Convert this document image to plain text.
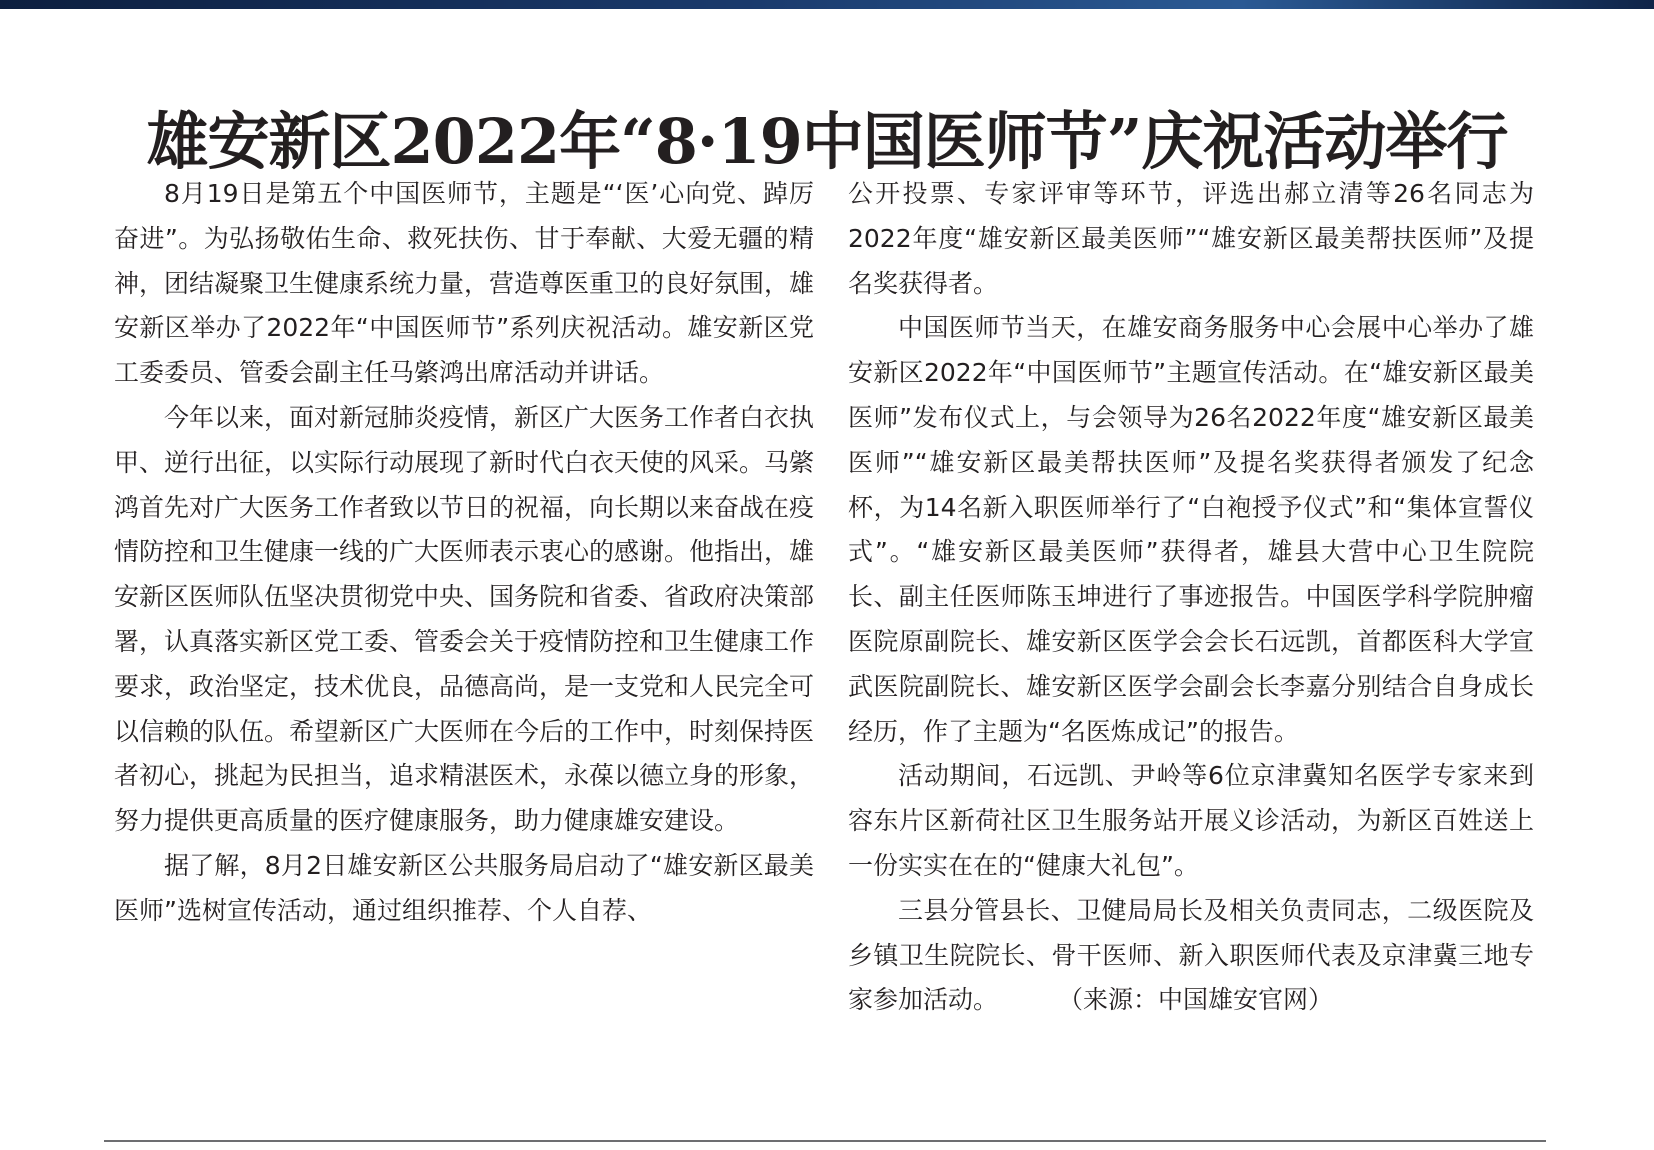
雄安新区2022年“8·19中国医师节”庆祝活动举行

8月19日是第五个中国医师节，主题是“‘医’心向党、踔厉奋进”。为弘扬敬佑生命、救死扶伤、甘于奉献、大爱无疆的精神，团结凝聚卫生健康系统力量，营造尊医重卫的良好氛围，雄安新区举办了2022年“中国医师节”系列庆祝活动。雄安新区党工委委员、管委会副主任马綮鸿出席活动并讲话。

今年以来，面对新冠肺炎疫情，新区广大医务工作者白衣执甲、逆行出征，以实际行动展现了新时代白衣天使的风采。马綮鸿首先对广大医务工作者致以节日的祝福，向长期以来奋战在疫情防控和卫生健康一线的广大医师表示衷心的感谢。他指出，雄安新区医师队伍坚决贯彻党中央、国务院和省委、省政府决策部署，认真落实新区党工委、管委会关于疫情防控和卫生健康工作要求，政治坚定，技术优良，品德高尚，是一支党和人民完全可以信赖的队伍。希望新区广大医师在今后的工作中，时刻保持医者初心，挑起为民担当，追求精湛医术，永葆以德立身的形象，努力提供更高质量的医疗健康服务，助力健康雄安建设。

据了解，8月2日雄安新区公共服务局启动了“雄安新区最美医师”选树宣传活动，通过组织推荐、个人自荐、

公开投票、专家评审等环节，评选出郝立清等26名同志为2022年度“雄安新区最美医师”“雄安新区最美帮扶医师”及提名奖获得者。

中国医师节当天，在雄安商务服务中心会展中心举办了雄安新区2022年“中国医师节”主题宣传活动。在“雄安新区最美医师”发布仪式上，与会领导为26名2022年度“雄安新区最美医师”“雄安新区最美帮扶医师”及提名奖获得者颁发了纪念杯，为14名新入职医师举行了“白袍授予仪式”和“集体宣誓仪式”。“雄安新区最美医师”获得者，雄县大营中心卫生院院长、副主任医师陈玉坤进行了事迹报告。中国医学科学院肿瘤医院原副院长、雄安新区医学会会长石远凯，首都医科大学宣武医院副院长、雄安新区医学会副会长李嘉分别结合自身成长经历，作了主题为“名医炼成记”的报告。

活动期间，石远凯、尹岭等6位京津冀知名医学专家来到容东片区新荷社区卫生服务站开展义诊活动，为新区百姓送上一份实实在在的“健康大礼包”。

三县分管县长、卫健局局长及相关负责同志，二级医院及乡镇卫生院院长、骨干医师、新入职医师代表及京津冀三地专家参加活动。 （来源：中国雄安官网）
